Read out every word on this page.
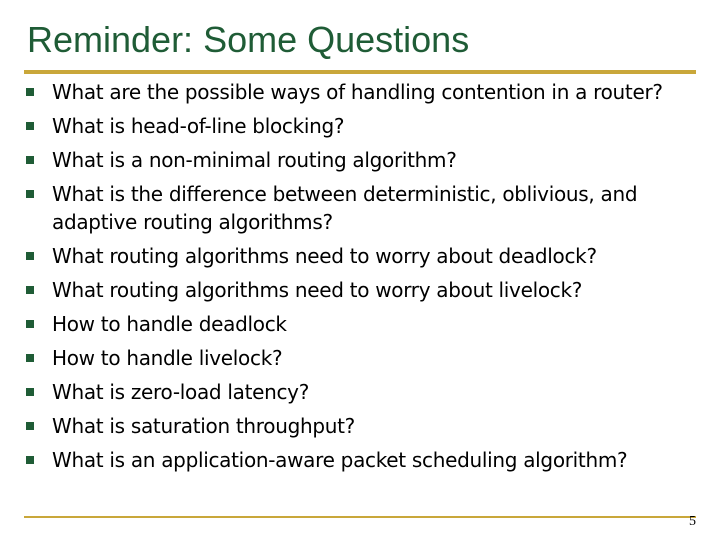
Reminder: Some Questions
What are the possible ways of handling contention in a router?
What is head-of-line blocking?
What is a non-minimal routing algorithm?
What is the difference between deterministic, oblivious, and adaptive routing algorithms?
What routing algorithms need to worry about deadlock?
What routing algorithms need to worry about livelock?
How to handle deadlock
How to handle livelock?
What is zero-load latency?
What is saturation throughput?
What is an application-aware packet scheduling algorithm?
5
